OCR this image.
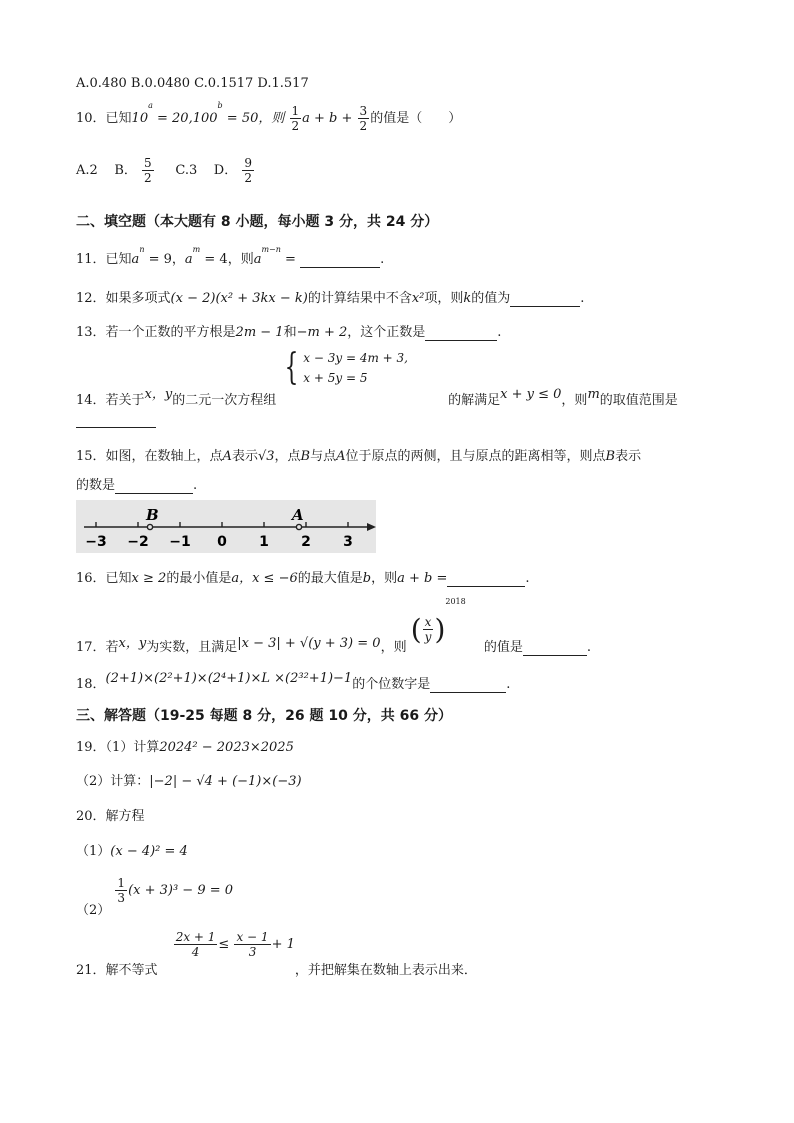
A.0.480 B.0.0480 C.0.1517 D.1.517
10．已知$10^a = 20,100^b = 50$，则 $\frac{1}{2}$ $a + b + \frac{3}{2}$ 的值是（　　）
A.2 B． $\frac{5}{2} C.3$ D． $\frac{9}{2}$
二、填空题（本大题有 8 小题，每小题 3 分，共 24 分）
11．已知$a^n = 9$，$a^m = 4$，则$a^{m-n}$ =	.
12．如果多项式(x − 2)(x² + 3kx − k)的计算结果中不含x²项，则k的值为	.
13．若一个正数的平方根是2m − 1和−m + 2，这个正数是	.
14．若关于x，y的二元一次方程组
{ x − 3y = 4m + 3,
x + 5y = 5
的解满足x + y ≤ 0，则m的取值范围是

15．如图，在数轴上，点A表示√3，点B与点A位于原点的两侧，且与原点的距离相等，则点B表示
的数是	.
−3 −2 −1 0 1 2 3
B	A
16．已知x ≥ 2的最小值是a，x ≤ −6的最大值是b，则a + b =	.
17．若x，y为实数，且满足|x − 3| + √(y + 3) = 0，则 ( $\frac{x}{y} )^{2018}$ 的值是	.
18．(2+1)×(2²+1)×(2⁴+1)×L ×(2³²+1)−1的个位数字是	.
三、解答题（19-25 每题 8 分，26 题 10 分，共 66 分）
19．（1）计算2024² − 2023×2025
（2）计算：|−2| − √4 + (−1)×(−3)
20．解方程
（1）(x − 4)² = 4
（2）
$\frac{1}{3} (x + 3)^3 - 9 = 0$
21．解不等式
$\frac{2x + 1}{4} \le \frac{x - 1}{3} + 1$，并把解集在数轴上表示出来．
